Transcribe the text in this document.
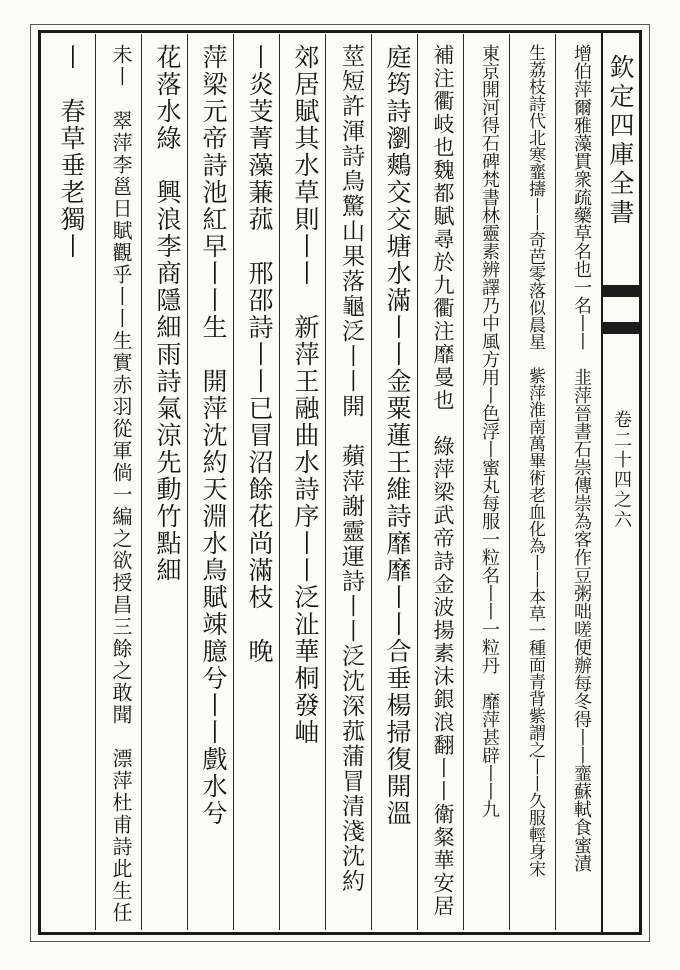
欽定四庫全書
卷二十四之六
增伯萍爾雅藻貫衆疏藥草名也一名丨丨　韭萍晉書石崇傳崇為客作豆粥咄嗟便辦每冬得丨丨韲蘇軾食蜜漬
生荔枝詩代北寒韲擣丨丨奇芭零落似晨星　紫萍淮南萬畢術老血化為丨丨本草一種面青背紫謂之丨丨久服輕身宋
東京開河得石碑梵書林靈素辨譯乃中風方用丨色浮丨蜜丸每服一粒名丨丨一粒丹　靡萍甚辟丨丨九
補注衢岐也魏都賦尋於九衢注靡曼也　綠萍梁武帝詩金波揚素沫銀浪翻丨丨衛粲華安居
庭筠詩瀏鷞交交塘水滿丨丨金粟蓮王維詩靡靡丨丨合垂楊掃復開溫
莖短許渾詩鳥驚山果落龜泛丨丨開　蘋萍謝靈運詩丨丨泛沈深菰蒲冒清淺沈約
郊居賦其水草則丨丨　新萍王融曲水詩序丨丨泛沚華桐發岫
丨炎芰菁藻蒹菰　邢邵詩丨丨已冒沼餘花尚滿枝　晚
萍梁元帝詩池紅早丨丨生　開萍沈約天淵水鳥賦竦臆兮丨丨戲水兮
花落水綠　興浪李商隱細雨詩氣涼先動竹點細
未丨　翠萍李邕日賦觀乎丨丨生實赤羽從軍倘一編之欲授昌三餘之敢聞　漂萍杜甫詩此生任
丨　春草垂老獨丨
